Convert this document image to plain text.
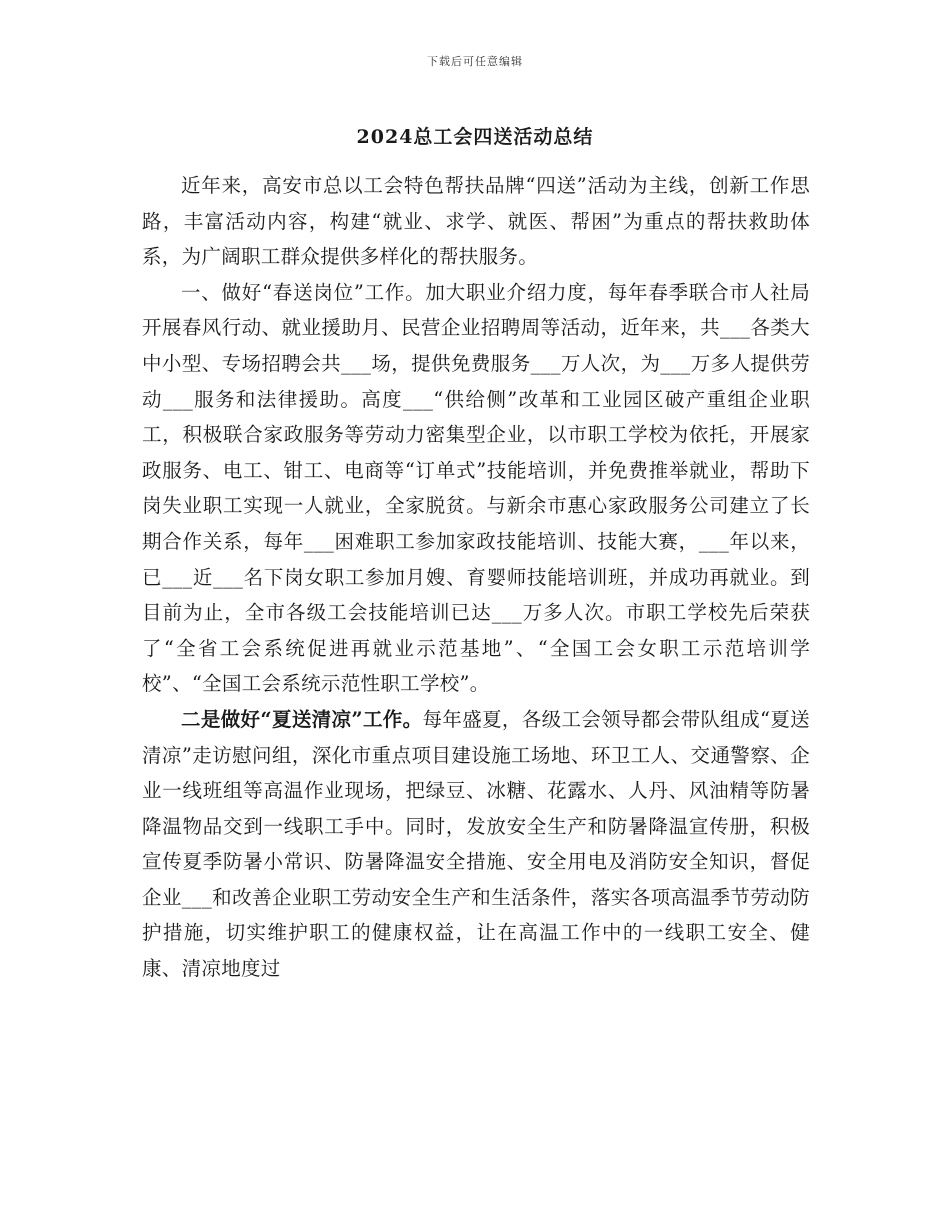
下载后可任意编辑
2024总工会四送活动总结

近年来，高安市总以工会特色帮扶品牌“四送”活动为主线，创新工作思路，丰富活动内容，构建“就业、求学、就医、帮困”为重点的帮扶救助体系，为广阔职工群众提供多样化的帮扶服务。

一、做好“春送岗位”工作。加大职业介绍力度，每年春季联合市人社局开展春风行动、就业援助月、民营企业招聘周等活动，近年来，共___各类大中小型、专场招聘会共___场，提供免费服务___万人次，为___万多人提供劳动___服务和法律援助。高度___“供给侧”改革和工业园区破产重组企业职工，积极联合家政服务等劳动力密集型企业，以市职工学校为依托，开展家政服务、电工、钳工、电商等“订单式”技能培训，并免费推举就业，帮助下岗失业职工实现一人就业，全家脱贫。与新余市惠心家政服务公司建立了长期合作关系，每年___困难职工参加家政技能培训、技能大赛，___年以来，已___近___名下岗女职工参加月嫂、育婴师技能培训班，并成功再就业。到目前为止，全市各级工会技能培训已达___万多人次。市职工学校先后荣获了“全省工会系统促进再就业示范基地”、“全国工会女职工示范培训学校”、“全国工会系统示范性职工学校”。

二是做好“夏送清凉”工作。每年盛夏，各级工会领导都会带队组成“夏送清凉”走访慰问组，深化市重点项目建设施工场地、环卫工人、交通警察、企业一线班组等高温作业现场，把绿豆、冰糖、花露水、人丹、风油精等防暑降温物品交到一线职工手中。同时，发放安全生产和防暑降温宣传册，积极宣传夏季防暑小常识、防暑降温安全措施、安全用电及消防安全知识，督促企业___和改善企业职工劳动安全生产和生活条件，落实各项高温季节劳动防护措施，切实维护职工的健康权益，让在高温工作中的一线职工安全、健康、清凉地度过
